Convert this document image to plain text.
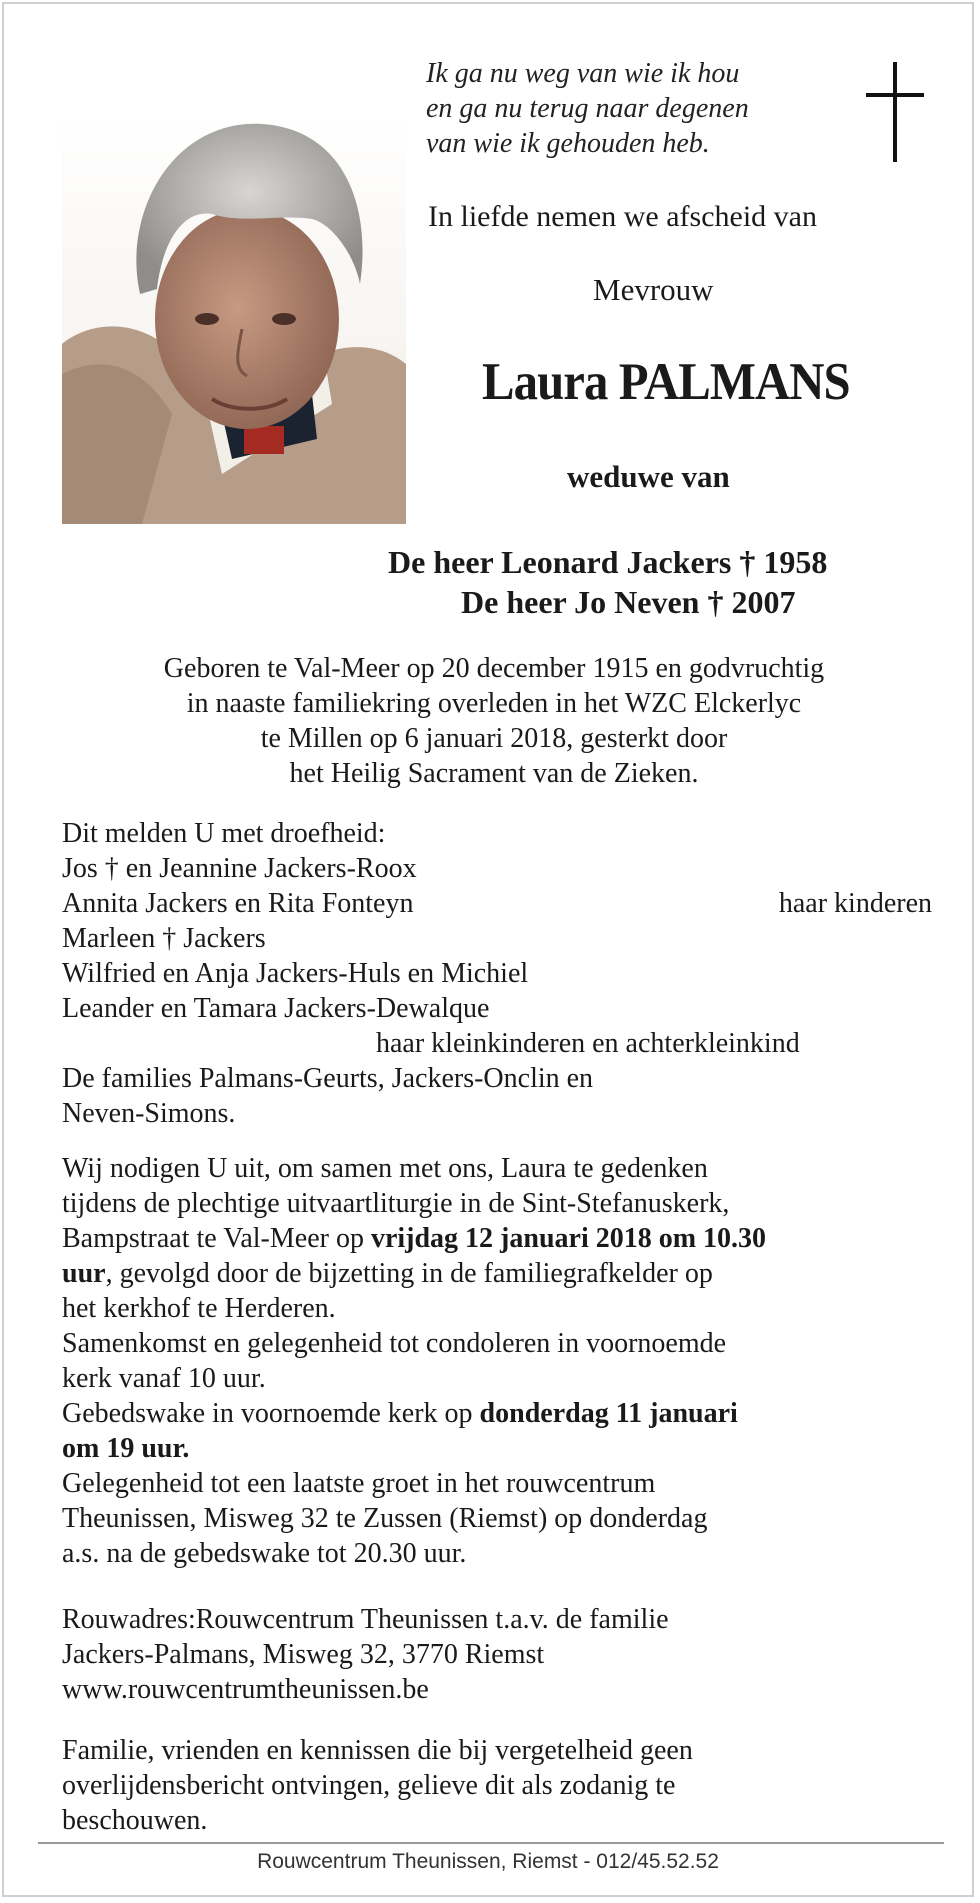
Ik ga nu weg van wie ik hou
en ga nu terug naar degenen
van wie ik gehouden heb.
In liefde nemen we afscheid van
Mevrouw
Laura PALMANS
weduwe van
De heer Leonard Jackers † 1958
De heer Jo Neven † 2007
Geboren te Val-Meer op 20 december 1915 en godvruchtig
in naaste familiekring overleden in het WZC Elckerlyc
te Millen op 6 januari 2018, gesterkt door
het Heilig Sacrament van de Zieken.
Dit melden U met droefheid:
Jos † en Jeannine Jackers-Roox
Annita Jackers en Rita Fonteyn	haar kinderen
Marleen † Jackers
Wilfried en Anja Jackers-Huls en Michiel
Leander en Tamara Jackers-Dewalque
haar kleinkinderen en achterkleinkind
De families Palmans-Geurts, Jackers-Onclin en
Neven-Simons.
Wij nodigen U uit, om samen met ons, Laura te gedenken
tijdens de plechtige uitvaartliturgie in de Sint-Stefanuskerk,
Bampstraat te Val-Meer op vrijdag 12 januari 2018 om 10.30
uur, gevolgd door de bijzetting in de familiegrafkelder op
het kerkhof te Herderen.
Samenkomst en gelegenheid tot condoleren in voornoemde
kerk vanaf 10 uur.
Gebedswake in voornoemde kerk op donderdag 11 januari
om 19 uur.
Gelegenheid tot een laatste groet in het rouwcentrum
Theunissen, Misweg 32 te Zussen (Riemst) op donderdag
a.s. na de gebedswake tot 20.30 uur.
Rouwadres:Rouwcentrum Theunissen t.a.v. de familie
Jackers-Palmans, Misweg 32, 3770 Riemst
www.rouwcentrumtheunissen.be
Familie, vrienden en kennissen die bij vergetelheid geen
overlijdensbericht ontvingen, gelieve dit als zodanig te
beschouwen.
Rouwcentrum Theunissen, Riemst - 012/45.52.52
